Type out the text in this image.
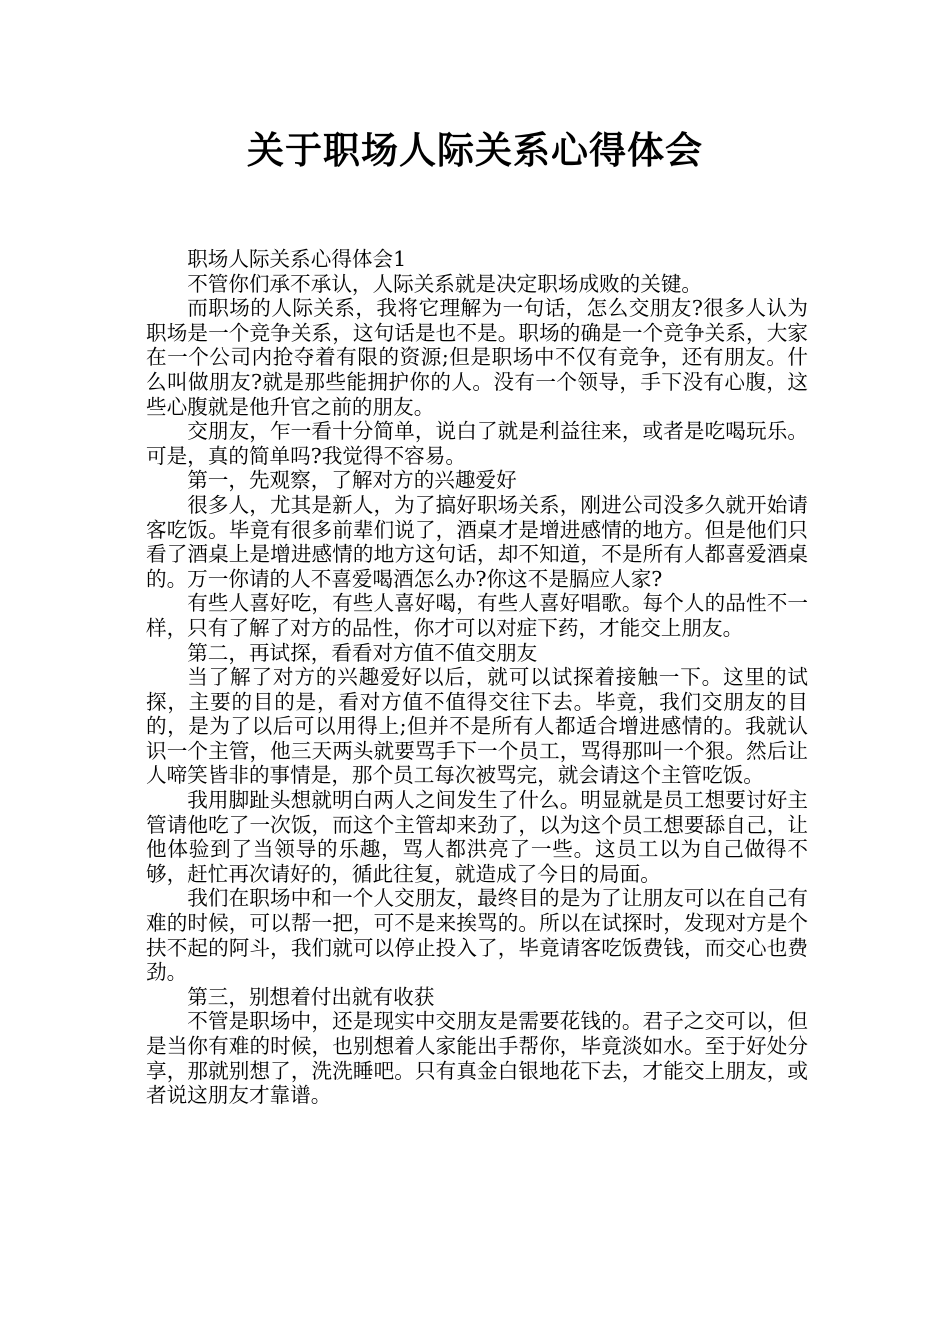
关于职场人际关系心得体会

职场人际关系心得体会1

不管你们承不承认，人际关系就是决定职场成败的关键。

而职场的人际关系，我将它理解为一句话，怎么交朋友?很多人认为职场是一个竞争关系，这句话是也不是。职场的确是一个竞争关系，大家在一个公司内抢夺着有限的资源;但是职场中不仅有竞争，还有朋友。什么叫做朋友?就是那些能拥护你的人。没有一个领导，手下没有心腹，这些心腹就是他升官之前的朋友。

交朋友，乍一看十分简单，说白了就是利益往来，或者是吃喝玩乐。可是，真的简单吗?我觉得不容易。

第一，先观察，了解对方的兴趣爱好

很多人，尤其是新人，为了搞好职场关系，刚进公司没多久就开始请客吃饭。毕竟有很多前辈们说了，酒桌才是增进感情的地方。但是他们只看了酒桌上是增进感情的地方这句话，却不知道，不是所有人都喜爱酒桌的。万一你请的人不喜爱喝酒怎么办?你这不是膈应人家?

有些人喜好吃，有些人喜好喝，有些人喜好唱歌。每个人的品性不一样，只有了解了对方的品性，你才可以对症下药，才能交上朋友。

第二，再试探，看看对方值不值交朋友

当了解了对方的兴趣爱好以后，就可以试探着接触一下。这里的试探，主要的目的是，看对方值不值得交往下去。毕竟，我们交朋友的目的，是为了以后可以用得上;但并不是所有人都适合增进感情的。我就认识一个主管，他三天两头就要骂手下一个员工，骂得那叫一个狠。然后让人啼笑皆非的事情是，那个员工每次被骂完，就会请这个主管吃饭。

我用脚趾头想就明白两人之间发生了什么。明显就是员工想要讨好主管请他吃了一次饭，而这个主管却来劲了，以为这个员工想要舔自己，让他体验到了当领导的乐趣，骂人都洪亮了一些。这员工以为自己做得不够，赶忙再次请好的，循此往复，就造成了今日的局面。

我们在职场中和一个人交朋友，最终目的是为了让朋友可以在自己有难的时候，可以帮一把，可不是来挨骂的。所以在试探时，发现对方是个扶不起的阿斗，我们就可以停止投入了，毕竟请客吃饭费钱，而交心也费劲。

第三，别想着付出就有收获

不管是职场中，还是现实中交朋友是需要花钱的。君子之交可以，但是当你有难的时候，也别想着人家能出手帮你，毕竟淡如水。至于好处分享，那就别想了，洗洗睡吧。只有真金白银地花下去，才能交上朋友，或者说这朋友才靠谱。
